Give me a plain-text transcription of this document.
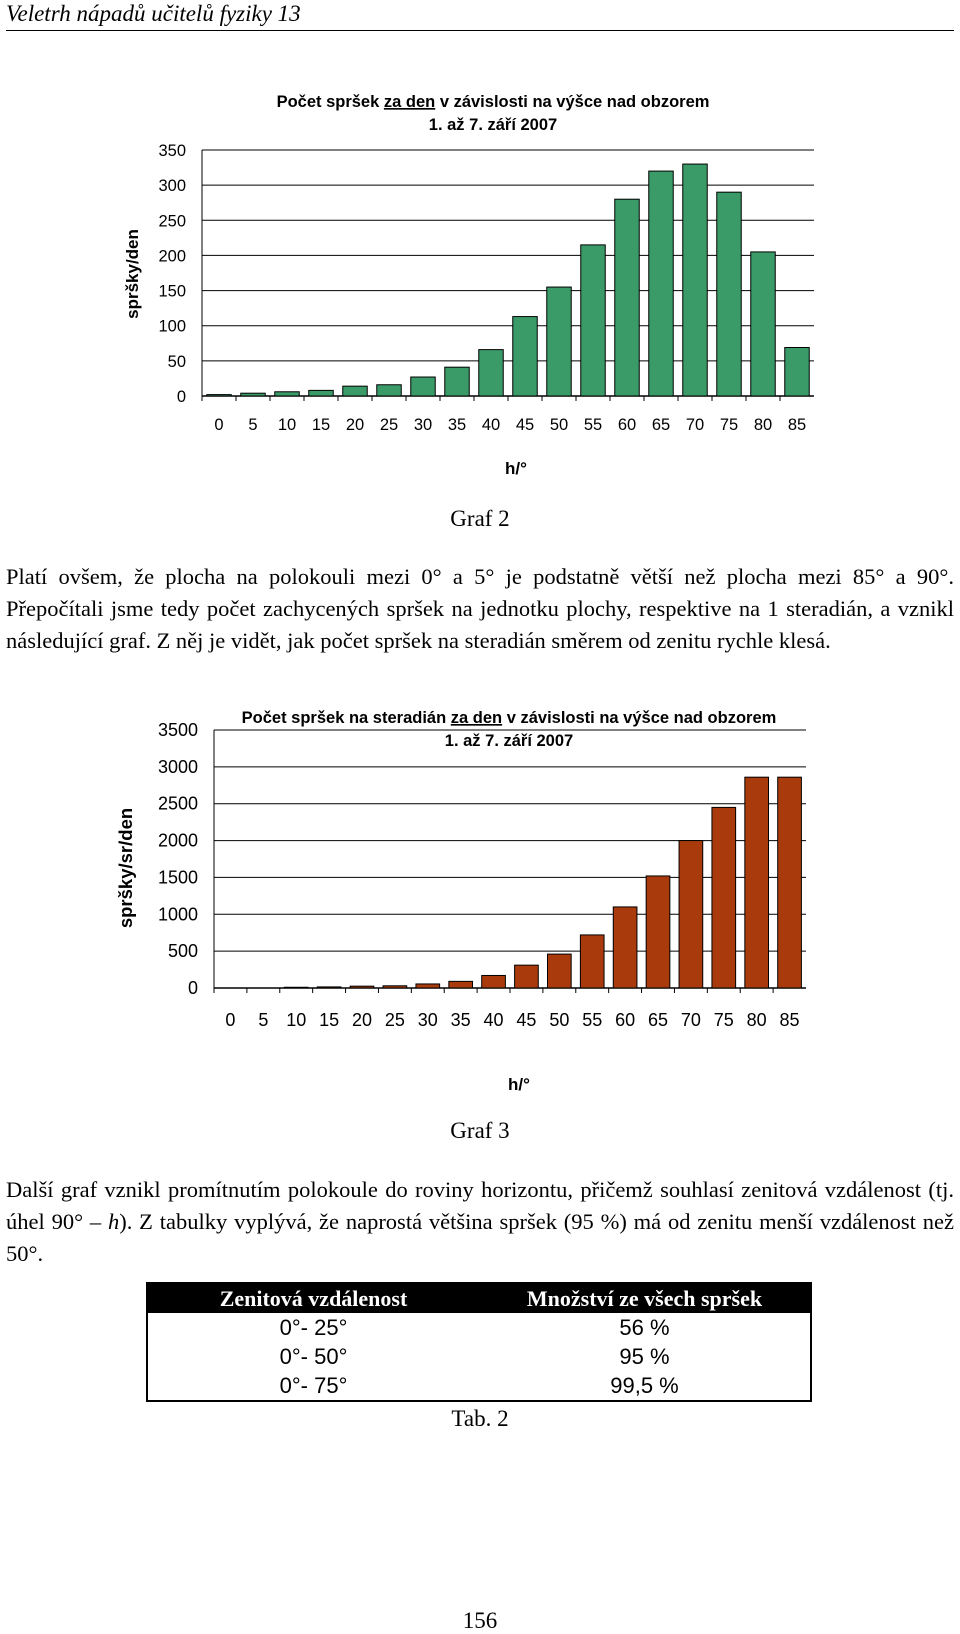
Veletrh nápadů učitelů fyziky 13
Počet spršek za den v závislosti na výšce nad obzorem
1. až 7. září 2007
0
50
100
150
200
250
300
350
0 5 10 15 20 25 30 35 40 45 50 55 60 65 70 75 80 85
h/°
spršky/den
Graf 2

Platí ovšem, že plocha na polokouli mezi 0° a 5° je podstatně větší než plocha mezi 85° a 90°. Přepočítali jsme tedy počet zachycených spršek na jednotku plochy, respektive na 1 steradián, a vznikl následující graf. Z něj je vidět, jak počet spršek na steradián směrem od zenitu rychle klesá.

Počet spršek na steradián za den v závislosti na výšce nad obzorem
1. až 7. září 2007
0
500
1000
1500
2000
2500
3000
3500
0 5 10 15 20 25 30 35 40 45 50 55 60 65 70 75 80 85
h/°
spršky/sr/den
Graf 3

Další graf vznikl promítnutím polokoule do roviny horizontu, přičemž souhlasí zenitová vzdálenost (tj. úhel 90° – h). Z tabulky vyplývá, že naprostá většina spršek (95 %) má od zenitu menší vzdálenost než 50°.

Zenitová vzdálenost	Množství ze všech spršek
0°- 25°	56 %
0°- 50°	95 %
0°- 75°	99,5 %
Tab. 2
156
